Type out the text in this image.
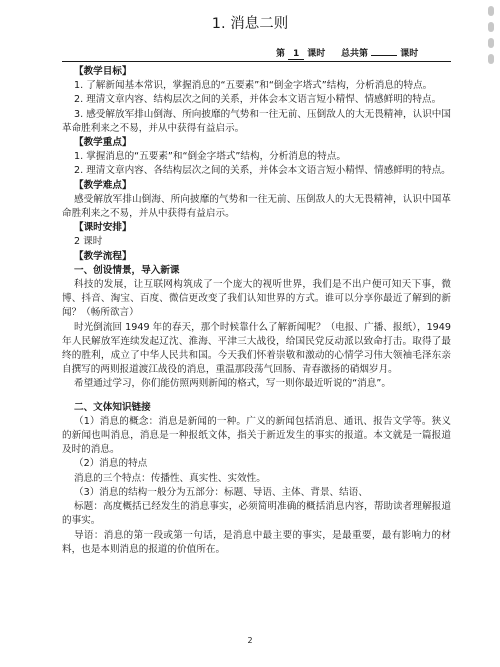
1. 消息二则
第 1 课时 总共第	课时

【教学目标】

1. 了解新闻基本常识，掌握消息的“五要素”和“倒金字塔式”结构，分析消息的特点。

2. 理清文章内容、结构层次之间的关系，并体会本文语言短小精悍、情感鲜明的特点。

3. 感受解放军排山倒海、所向披靡的气势和一往无前、压倒敌人的大无畏精神，认识中国革命胜利来之不易，并从中获得有益启示。

【教学重点】

1. 掌握消息的“五要素”和“倒金字塔式”结构，分析消息的特点。

2. 理清文章内容、各结构层次之间的关系，并体会本文语言短小精悍、情感鲜明的特点。

【教学难点】

感受解放军排山倒海、所向披靡的气势和一往无前、压倒敌人的大无畏精神，认识中国革命胜利来之不易，并从中获得有益启示。

【课时安排】

2 课时

【教学流程】

一、创设情景，导入新课

科技的发展，让互联网构筑成了一个庞大的视听世界，我们是不出户便可知天下事，微博、抖音、淘宝、百度、微信更改变了我们认知世界的方式。谁可以分享你最近了解到的新闻？（畅所欲言）

时光倒流回 1949 年的春天，那个时候靠什么了解新闻呢？（电报、广播、报纸），1949 年人民解放军连续发起辽沈、淮海、平津三大战役，给国民党反动派以致命打击。取得了最终的胜利，成立了中华人民共和国。今天我们怀着崇敬和激动的心情学习伟大领袖毛泽东亲自撰写的两则报道渡江战役的消息，重温那段荡气回肠、青春激扬的硝烟岁月。

希望通过学习，你们能仿照两则新闻的格式，写一则你最近听说的“消息”。

二、文体知识链接

（1）消息的概念：消息是新闻的一种。广义的新闻包括消息、通讯、报告文学等。狭义的新闻也叫消息，消息是一种报纸文体，指关于新近发生的事实的报道。本文就是一篇报道及时的消息。

（2）消息的特点

消息的三个特点：传播性、真实性、实效性。

（3）消息的结构一般分为五部分：标题、导语、主体、背景、结语、

标题：高度概括已经发生的消息事实，必须简明准确的概括消息内容，帮助读者理解报道的事实。

导语：消息的第一段或第一句话，是消息中最主要的事实，是最重要，最有影响力的材料，也是本则消息的报道的价值所在。

2
